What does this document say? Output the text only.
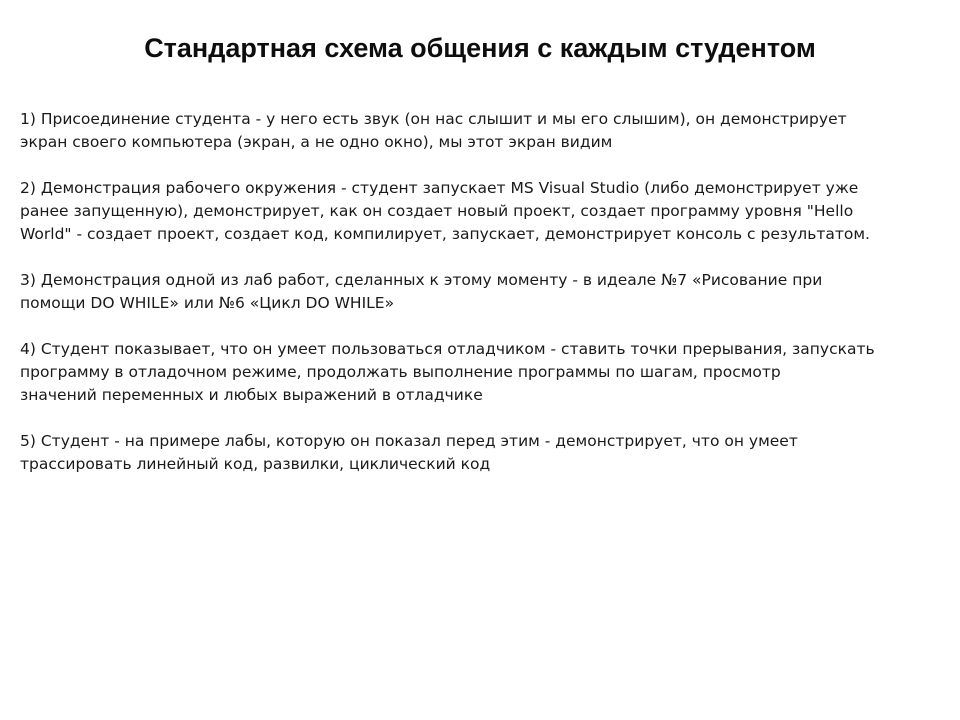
Стандартная схема общения с каждым студентом

1) Присоединение студента - у него есть звук (он нас слышит и мы его слышим), он демонстрирует
экран своего компьютера (экран, а не одно окно), мы этот экран видим

2) Демонстрация рабочего окружения - студент запускает MS Visual Studio (либо демонстрирует уже
ранее запущенную), демонстрирует, как он создает новый проект, создает программу уровня "Hello
World" - создает проект, создает код, компилирует, запускает, демонстрирует консоль с результатом.

3) Демонстрация одной из лаб работ, сделанных к этому моменту - в идеале №7 «Рисование при
помощи DO WHILE» или №6 «Цикл DO WHILE»

4) Студент показывает, что он умеет пользоваться отладчиком - ставить точки прерывания, запускать
программу в отладочном режиме, продолжать выполнение программы по шагам, просмотр
значений переменных и любых выражений в отладчике

5) Студент - на примере лабы, которую он показал перед этим - демонстрирует, что он умеет
трассировать линейный код, развилки, циклический код
